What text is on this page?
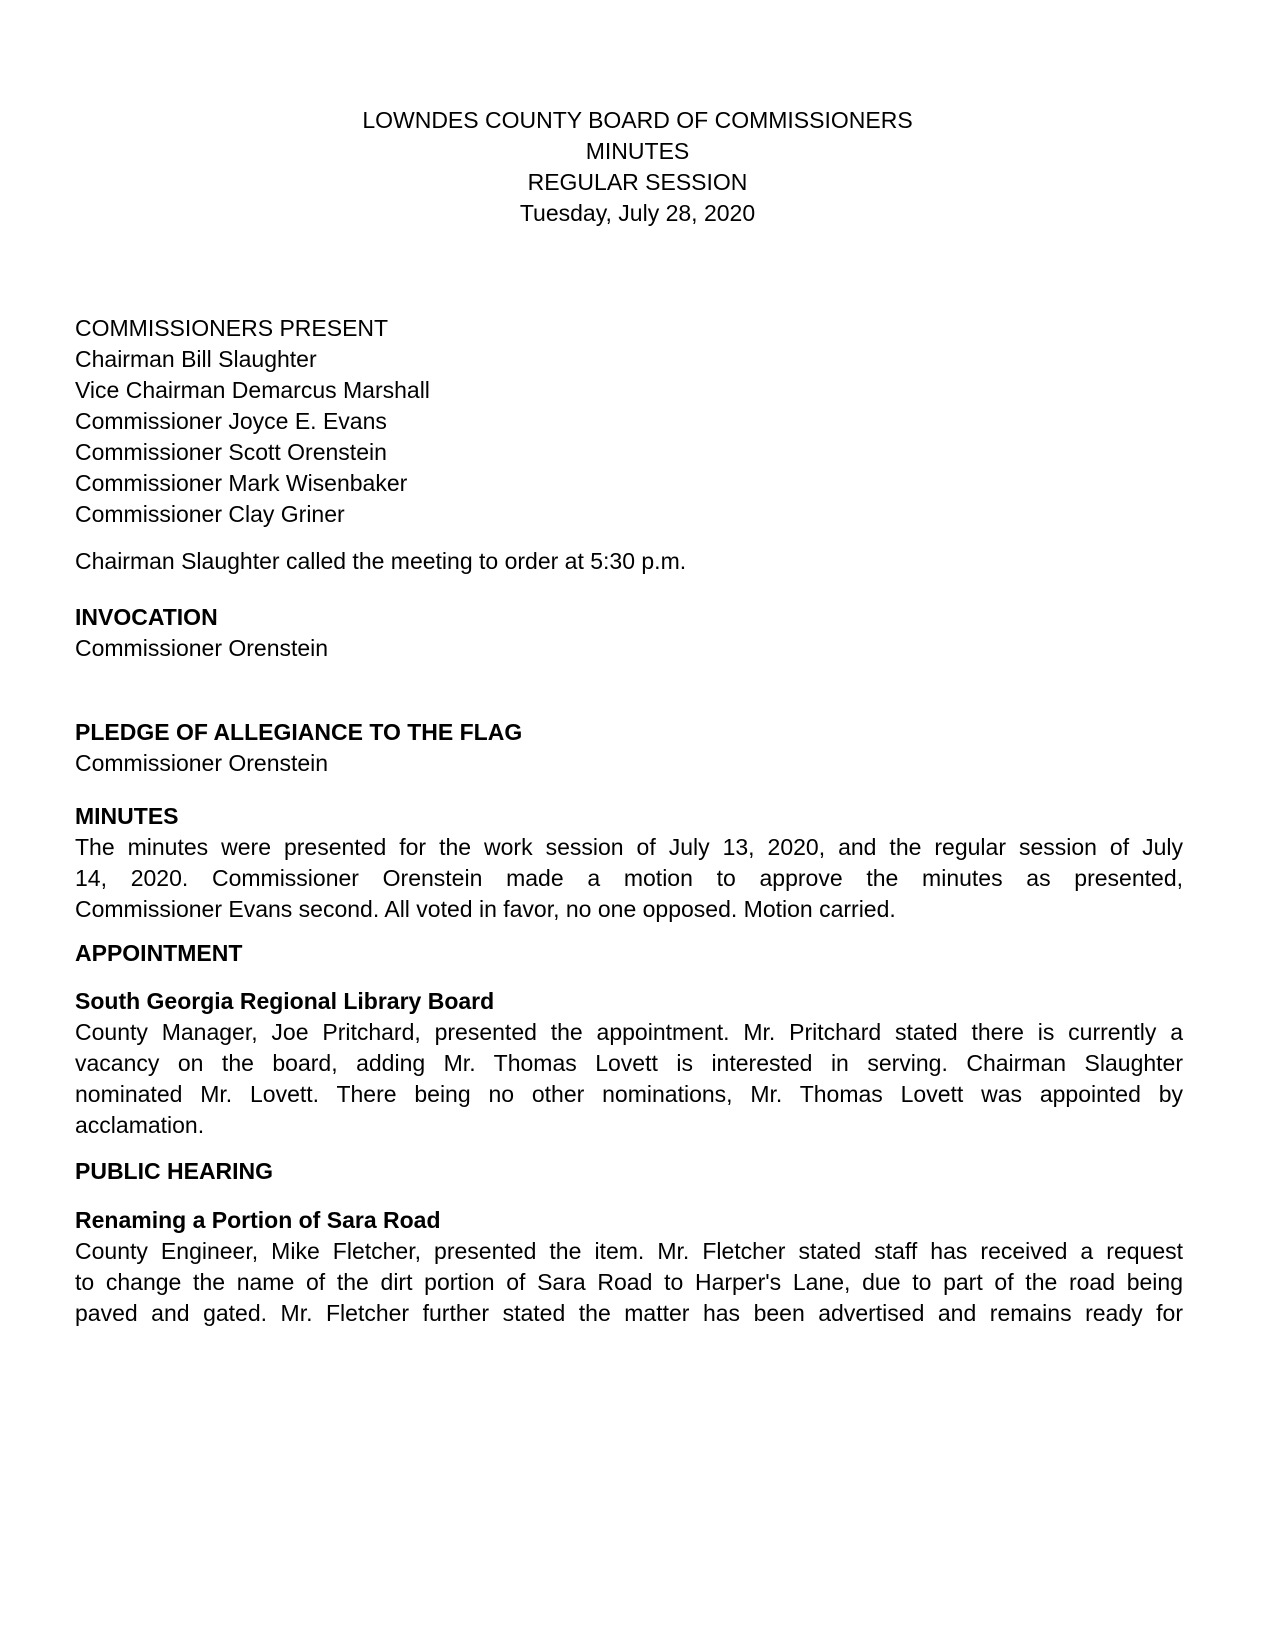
LOWNDES COUNTY BOARD OF COMMISSIONERS
MINUTES
REGULAR SESSION
Tuesday, July 28, 2020
COMMISSIONERS PRESENT
Chairman Bill Slaughter
Vice Chairman Demarcus Marshall
Commissioner Joyce E. Evans
Commissioner Scott Orenstein
Commissioner Mark Wisenbaker
Commissioner Clay Griner
Chairman Slaughter called the meeting to order at 5:30 p.m.
INVOCATION
Commissioner Orenstein
PLEDGE OF ALLEGIANCE TO THE FLAG
Commissioner Orenstein
MINUTES
The minutes were presented for the work session of July 13, 2020, and the regular session of July
14, 2020. Commissioner Orenstein made a motion to approve the minutes as presented,
Commissioner Evans second. All voted in favor, no one opposed. Motion carried.
APPOINTMENT
South Georgia Regional Library Board
County Manager, Joe Pritchard, presented the appointment. Mr. Pritchard stated there is currently a
vacancy on the board, adding Mr. Thomas Lovett is interested in serving. Chairman Slaughter
nominated Mr. Lovett. There being no other nominations, Mr. Thomas Lovett was appointed by
acclamation.
PUBLIC HEARING
Renaming a Portion of Sara Road
County Engineer, Mike Fletcher, presented the item. Mr. Fletcher stated staff has received a request
to change the name of the dirt portion of Sara Road to Harper's Lane, due to part of the road being
paved and gated. Mr. Fletcher further stated the matter has been advertised and remains ready for
